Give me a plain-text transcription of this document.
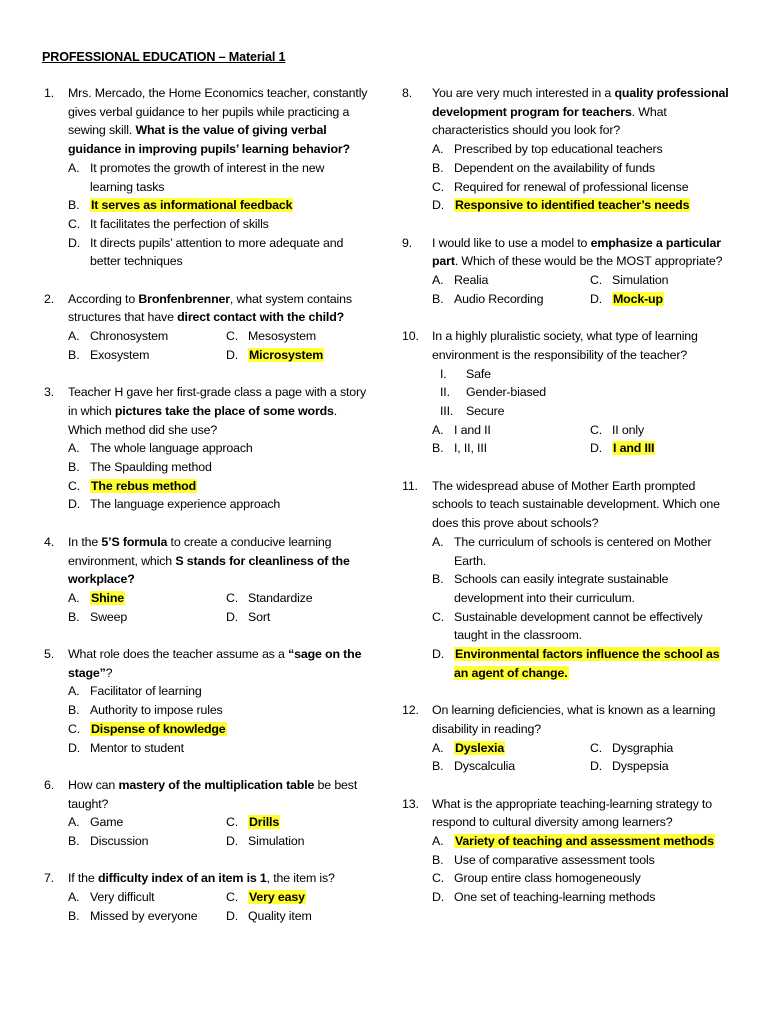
PROFESSIONAL EDUCATION – Material 1
1. Mrs. Mercado, the Home Economics teacher, constantly gives verbal guidance to her pupils while practicing a sewing skill. What is the value of giving verbal guidance in improving pupils’ learning behavior?

A. It promotes the growth of interest in the new learning tasks
B. It serves as informational feedback
C. It facilitates the perfection of skills
D. It directs pupils’ attention to more adequate and better techniques
2. According to Bronfenbrenner, what system contains structures that have direct contact with the child?

A. Chronosystem	C. Mesosystem
B. Exosystem	D. Microsystem
3. Teacher H gave her first-grade class a page with a story in which pictures take the place of some words. Which method did she use?

A. The whole language approach
B. The Spaulding method
C. The rebus method
D. The language experience approach
4. In the 5’S formula to create a conducive learning environment, which S stands for cleanliness of the workplace?

A. Shine	C. Standardize
B. Sweep	D. Sort
5. What role does the teacher assume as a “sage on the stage”?

A. Facilitator of learning
B. Authority to impose rules
C. Dispense of knowledge
D. Mentor to student
6. How can mastery of the multiplication table be best taught?

A. Game	C. Drills
B. Discussion	D. Simulation
7. If the difficulty index of an item is 1, the item is?

A. Very difficult	C. Very easy
B. Missed by everyone	D. Quality item
8. You are very much interested in a quality professional development program for teachers. What characteristics should you look for?

A. Prescribed by top educational teachers
B. Dependent on the availability of funds
C. Required for renewal of professional license
D. Responsive to identified teacher’s needs
9. I would like to use a model to emphasize a particular part. Which of these would be the MOST appropriate?

A. Realia	C. Simulation
B. Audio Recording	D. Mock-up
10. In a highly pluralistic society, what type of learning environment is the responsibility of the teacher?

I.	Safe
II.	Gender-biased
III.	Secure
A. I and II	C. II only
B. I, II, III	D. I and III
11. The widespread abuse of Mother Earth prompted schools to teach sustainable development. Which one does this prove about schools?

A. The curriculum of schools is centered on Mother Earth.
B. Schools can easily integrate sustainable development into their curriculum.
C. Sustainable development cannot be effectively taught in the classroom.
D. Environmental factors influence the school as an agent of change.
12. On learning deficiencies, what is known as a learning disability in reading?

A. Dyslexia	C. Dysgraphia
B. Dyscalculia	D. Dyspepsia
13. What is the appropriate teaching-learning strategy to respond to cultural diversity among learners?

A. Variety of teaching and assessment methods
B. Use of comparative assessment tools
C. Group entire class homogeneously
D. One set of teaching-learning methods
